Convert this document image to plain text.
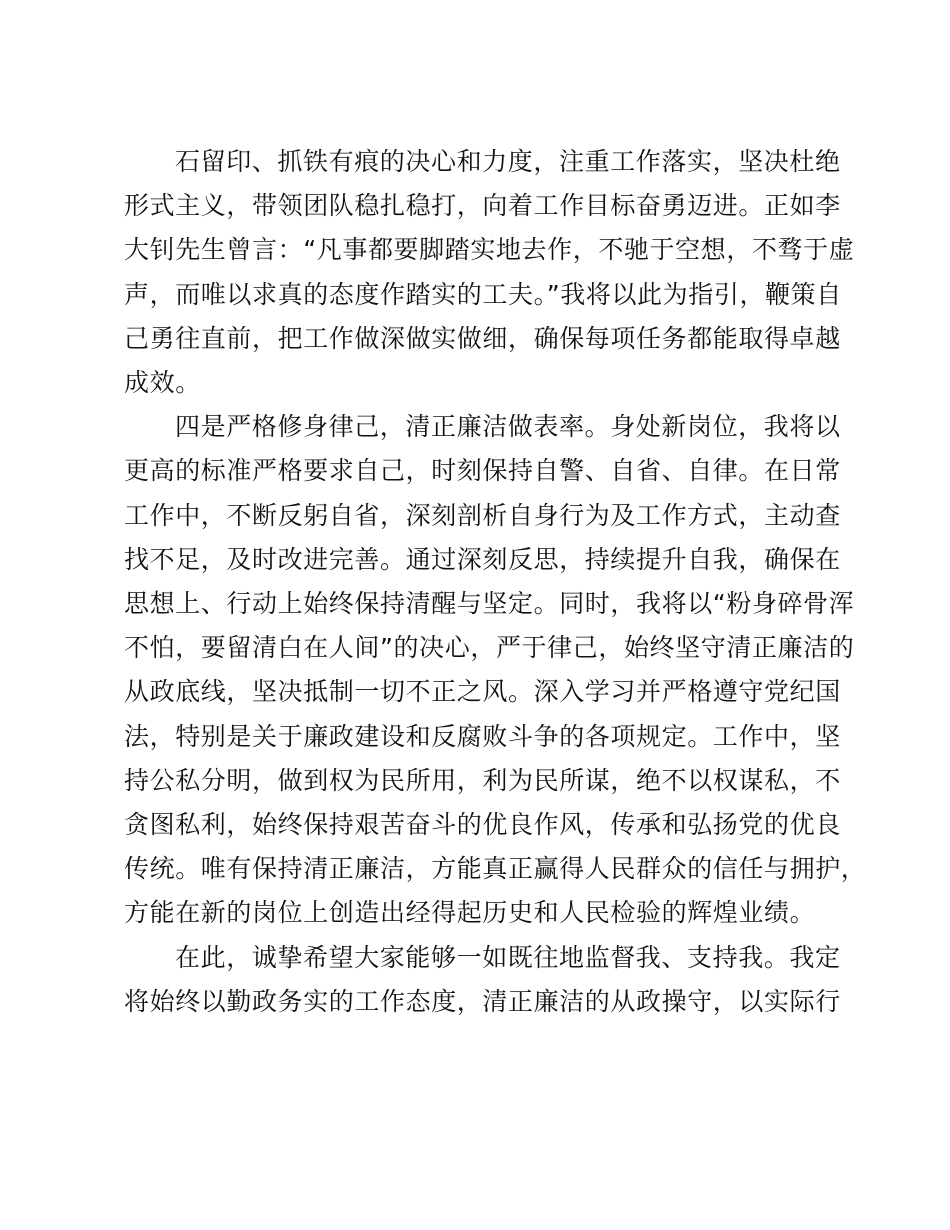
石留印、抓铁有痕的决心和力度，注重工作落实，坚决杜绝
形式主义，带领团队稳扎稳打，向着工作目标奋勇迈进。正如李
大钊先生曾言：“凡事都要脚踏实地去作，不驰于空想，不骛于虚
声，而唯以求真的态度作踏实的工夫。”我将以此为指引，鞭策自
己勇往直前，把工作做深做实做细，确保每项任务都能取得卓越
成效。

四是严格修身律己，清正廉洁做表率。身处新岗位，我将以
更高的标准严格要求自己，时刻保持自警、自省、自律。在日常
工作中，不断反躬自省，深刻剖析自身行为及工作方式，主动查
找不足，及时改进完善。通过深刻反思，持续提升自我，确保在
思想上、行动上始终保持清醒与坚定。同时，我将以“粉身碎骨浑
不怕，要留清白在人间”的决心，严于律己，始终坚守清正廉洁的
从政底线，坚决抵制一切不正之风。深入学习并严格遵守党纪国
法，特别是关于廉政建设和反腐败斗争的各项规定。工作中，坚
持公私分明，做到权为民所用，利为民所谋，绝不以权谋私，不
贪图私利，始终保持艰苦奋斗的优良作风，传承和弘扬党的优良
传统。唯有保持清正廉洁，方能真正赢得人民群众的信任与拥护，
方能在新的岗位上创造出经得起历史和人民检验的辉煌业绩。

在此，诚挚希望大家能够一如既往地监督我、支持我。我定
将始终以勤政务实的工作态度，清正廉洁的从政操守，以实际行
